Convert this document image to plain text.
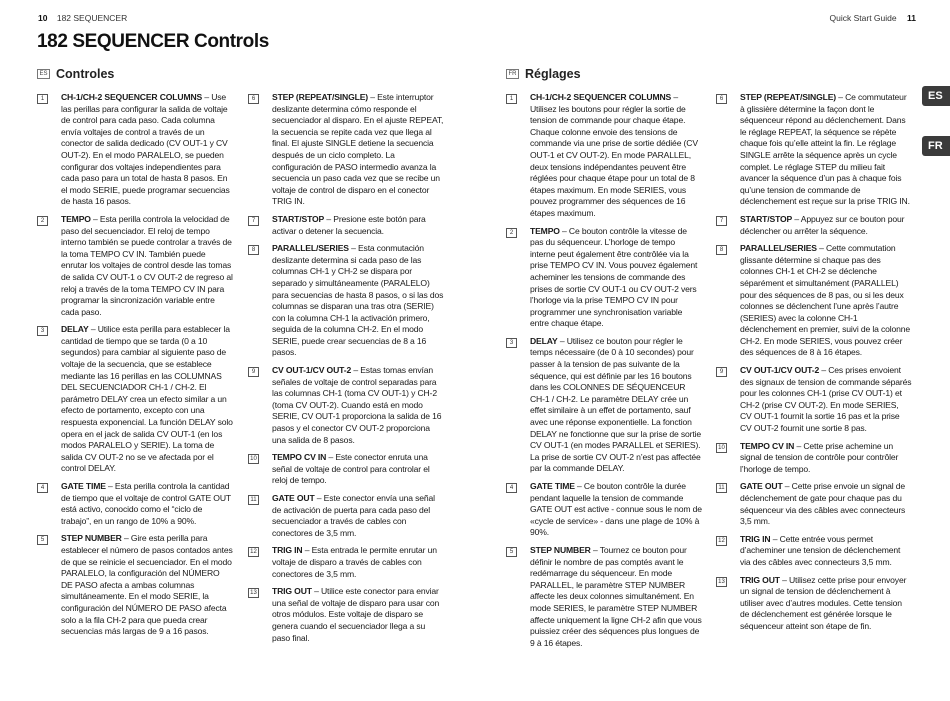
10 182 SEQUENCER	Quick Start Guide 11
182 SEQUENCER Controls
ES Controles	FR Réglages
ES
FR
1	CH-1/CH-2 SEQUENCER COLUMNS – Use las perillas para configurar la salida de voltaje de control para cada paso. Cada columna envía voltajes de control a través de un conector de salida dedicado (CV OUT-1 y CV OUT-2). En el modo PARALELO, se pueden configurar dos voltajes independientes para cada paso para un total de hasta 8 pasos. En el modo SERIE, puede programar secuencias de hasta 16 pasos.
2	TEMPO – Esta perilla controla la velocidad de paso del secuenciador. El reloj de tempo interno también se puede controlar a través de la toma TEMPO CV IN. También puede enrutar los voltajes de control desde las tomas de salida CV OUT-1 o CV OUT-2 de regreso al reloj a través de la toma TEMPO CV IN para programar la sincronización variable entre cada paso.
3	DELAY – Utilice esta perilla para establecer la cantidad de tiempo que se tarda (0 a 10 segundos) para cambiar al siguiente paso de voltaje de la secuencia, que se establece mediante las 16 perillas en las COLUMNAS DEL SECUENCIADOR CH-1 / CH-2. El parámetro DELAY crea un efecto similar a un efecto de portamento, excepto con una respuesta exponencial. La función DELAY solo opera en el jack de salida CV OUT-1 (en los modos PARALELO y SERIE). La toma de salida CV OUT-2 no se ve afectada por el control DELAY.
4	GATE TIME – Esta perilla controla la cantidad de tiempo que el voltaje de control GATE OUT está activo, conocido como el “ciclo de trabajo”, en un rango de 10% a 90%.
5	STEP NUMBER – Gire esta perilla para establecer el número de pasos contados antes de que se reinicie el secuenciador. En el modo PARALELO, la configuración del NÚMERO DE PASO afecta a ambas columnas simultáneamente. En el modo SERIE, la configuración del NÚMERO DE PASO afecta solo a la fila CH-2 para que pueda crear secuencias más largas de 9 a 16 pasos.
6	STEP (REPEAT/SINGLE) – Este interruptor deslizante determina cómo responde el secuenciador al disparo. En el ajuste REPEAT, la secuencia se repite cada vez que llega al final. El ajuste SINGLE detiene la secuencia después de un ciclo completo. La configuración de PASO intermedio avanza la secuencia un paso cada vez que se recibe un voltaje de control de disparo en el conector TRIG IN.
7	START/STOP – Presione este botón para activar o detener la secuencia.
8	PARALLEL/SERIES – Esta conmutación deslizante determina si cada paso de las columnas CH-1 y CH-2 se dispara por separado y simultáneamente (PARALELO) para secuencias de hasta 8 pasos, o si las dos columnas se disparan una tras otra (SERIE) con la columna CH-1 la activación primero, seguida de la columna CH-2. En el modo SERIE, puede crear secuencias de 8 a 16 pasos.
9	CV OUT-1/CV OUT-2 – Estas tomas envían señales de voltaje de control separadas para las columnas CH-1 (toma CV OUT-1) y CH-2 (toma CV OUT-2). Cuando está en modo SERIE, CV OUT-1 proporciona la salida de 16 pasos y el conector CV OUT-2 proporciona una salida de 8 pasos.
10 TEMPO CV IN – Este conector enruta una señal de voltaje de control para controlar el reloj de tempo.
11 GATE OUT – Este conector envía una señal de activación de puerta para cada paso del secuenciador a través de cables con conectores de 3,5 mm.
12 TRIG IN – Esta entrada le permite enrutar un voltaje de disparo a través de cables con conectores de 3,5 mm.
13 TRIG OUT – Utilice este conector para enviar una señal de voltaje de disparo para usar con otros módulos. Este voltaje de disparo se genera cuando el secuenciador llega a su paso final.
1	CH-1/CH-2 SEQUENCER COLUMNS – Utilisez les boutons pour régler la sortie de tension de commande pour chaque étape. Chaque colonne envoie des tensions de commande via une prise de sortie dédiée (CV OUT-1 et CV OUT-2). En mode PARALLEL, deux tensions indépendantes peuvent être réglées pour chaque étape pour un total de 8 étapes maximum. En mode SERIES, vous pouvez programmer des séquences de 16 étapes maximum.
2	TEMPO – Ce bouton contrôle la vitesse de pas du séquenceur. L’horloge de tempo interne peut également être contrôlée via la prise TEMPO CV IN. Vous pouvez également acheminer les tensions de commande des prises de sortie CV OUT-1 ou CV OUT-2 vers l’horloge via la prise TEMPO CV IN pour programmer une synchronisation variable entre chaque étape.
3	DELAY – Utilisez ce bouton pour régler le temps nécessaire (de 0 à 10 secondes) pour passer à la tension de pas suivante de la séquence, qui est définie par les 16 boutons dans les COLONNES DE SÉQUENCEUR CH-1 / CH-2. Le paramètre DELAY crée un effet similaire à un effet de portamento, sauf avec une réponse exponentielle. La fonction DELAY ne fonctionne que sur la prise de sortie CV OUT-1 (en modes PARALLEL et SERIES). La prise de sortie CV OUT-2 n’est pas affectée par la commande DELAY.
4	GATE TIME – Ce bouton contrôle la durée pendant laquelle la tension de commande GATE OUT est active - connue sous le nom de «cycle de service» - dans une plage de 10% à 90%.
5	STEP NUMBER – Tournez ce bouton pour définir le nombre de pas comptés avant le redémarrage du séquenceur. En mode PARALLEL, le paramètre STEP NUMBER affecte les deux colonnes simultanément. En mode SERIES, le paramètre STEP NUMBER affecte uniquement la ligne CH-2 afin que vous puissiez créer des séquences plus longues de 9 à 16 étapes.
6	STEP (REPEAT/SINGLE) – Ce commutateur à glissière détermine la façon dont le séquenceur répond au déclenchement. Dans le réglage REPEAT, la séquence se répète chaque fois qu’elle atteint la fin. Le réglage SINGLE arrête la séquence après un cycle complet. Le réglage STEP du milieu fait avancer la séquence d’un pas à chaque fois qu’une tension de commande de déclenchement est reçue sur la prise TRIG IN.
7	START/STOP – Appuyez sur ce bouton pour déclencher ou arrêter la séquence.
8	PARALLEL/SERIES – Cette commutation glissante détermine si chaque pas des colonnes CH-1 et CH-2 se déclenche séparément et simultanément (PARALLEL) pour des séquences de 8 pas, ou si les deux colonnes se déclenchent l’une après l’autre (SERIES) avec la colonne CH-1 déclenchement en premier, suivi de la colonne CH-2. En mode SERIES, vous pouvez créer des séquences de 8 à 16 étapes.
9	CV OUT-1/CV OUT-2 – Ces prises envoient des signaux de tension de commande séparés pour les colonnes CH-1 (prise CV OUT-1) et CH-2 (prise CV OUT-2). En mode SERIES, CV OUT-1 fournit la sortie 16 pas et la prise CV OUT-2 fournit une sortie 8 pas.
10 TEMPO CV IN – Cette prise achemine un signal de tension de contrôle pour contrôler l’horloge de tempo.
11 GATE OUT – Cette prise envoie un signal de déclenchement de gate pour chaque pas du séquenceur via des câbles avec connecteurs 3,5 mm.
12 TRIG IN – Cette entrée vous permet d’acheminer une tension de déclenchement via des câbles avec connecteurs 3,5 mm.
13 TRIG OUT – Utilisez cette prise pour envoyer un signal de tension de déclenchement à utiliser avec d’autres modules. Cette tension de déclenchement est générée lorsque le séquenceur atteint son étape de fin.
